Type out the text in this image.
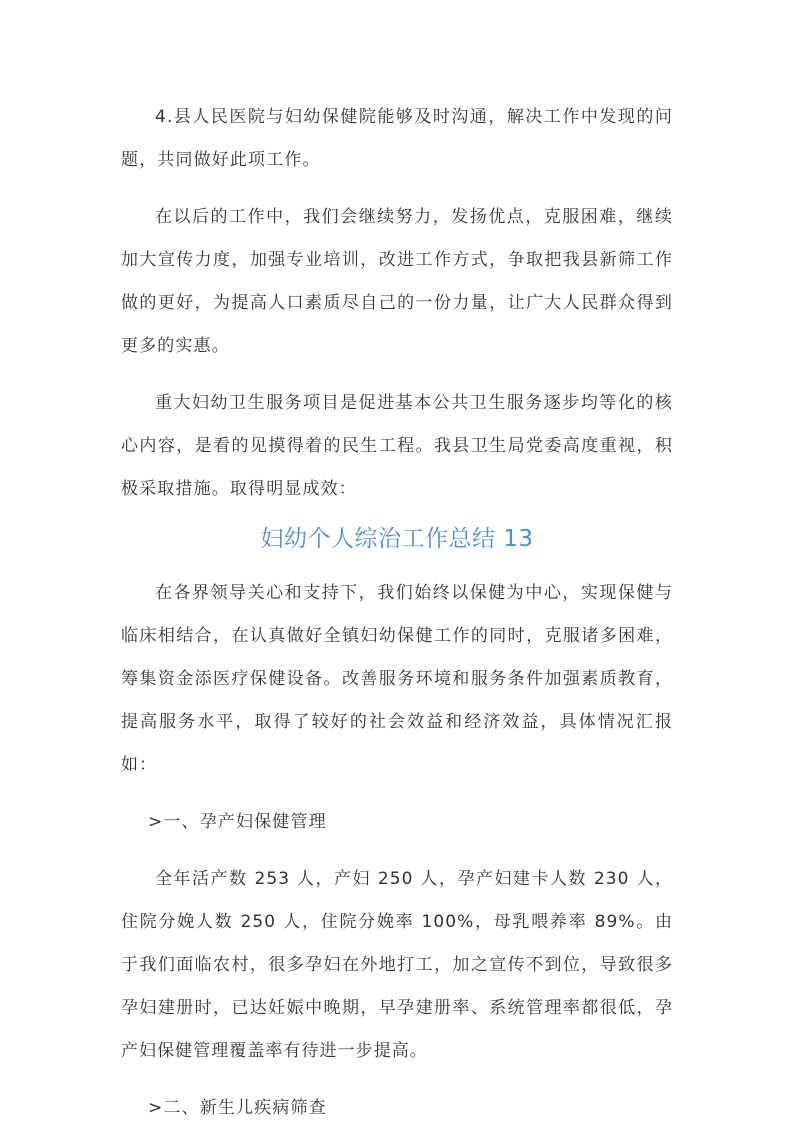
4.县人民医院与妇幼保健院能够及时沟通，解决工作中发现的问题，共同做好此项工作。

在以后的工作中，我们会继续努力，发扬优点，克服困难，继续加大宣传力度，加强专业培训，改进工作方式，争取把我县新筛工作做的更好，为提高人口素质尽自己的一份力量，让广大人民群众得到更多的实惠。

重大妇幼卫生服务项目是促进基本公共卫生服务逐步均等化的核心内容，是看的见摸得着的民生工程。我县卫生局党委高度重视，积极采取措施。取得明显成效：

妇幼个人综治工作总结 13

在各界领导关心和支持下，我们始终以保健为中心，实现保健与临床相结合，在认真做好全镇妇幼保健工作的同时，克服诸多困难，筹集资金添医疗保健设备。改善服务环境和服务条件加强素质教育，提高服务水平，取得了较好的社会效益和经济效益，具体情况汇报如：

>一、孕产妇保健管理

全年活产数 253 人，产妇 250 人，孕产妇建卡人数 230 人，住院分娩人数 250 人，住院分娩率 100%，母乳喂养率 89%。由于我们面临农村，很多孕妇在外地打工，加之宣传不到位，导致很多孕妇建册时，已达妊娠中晚期，早孕建册率、系统管理率都很低，孕产妇保健管理覆盖率有待进一步提高。

>二、新生儿疾病筛查
